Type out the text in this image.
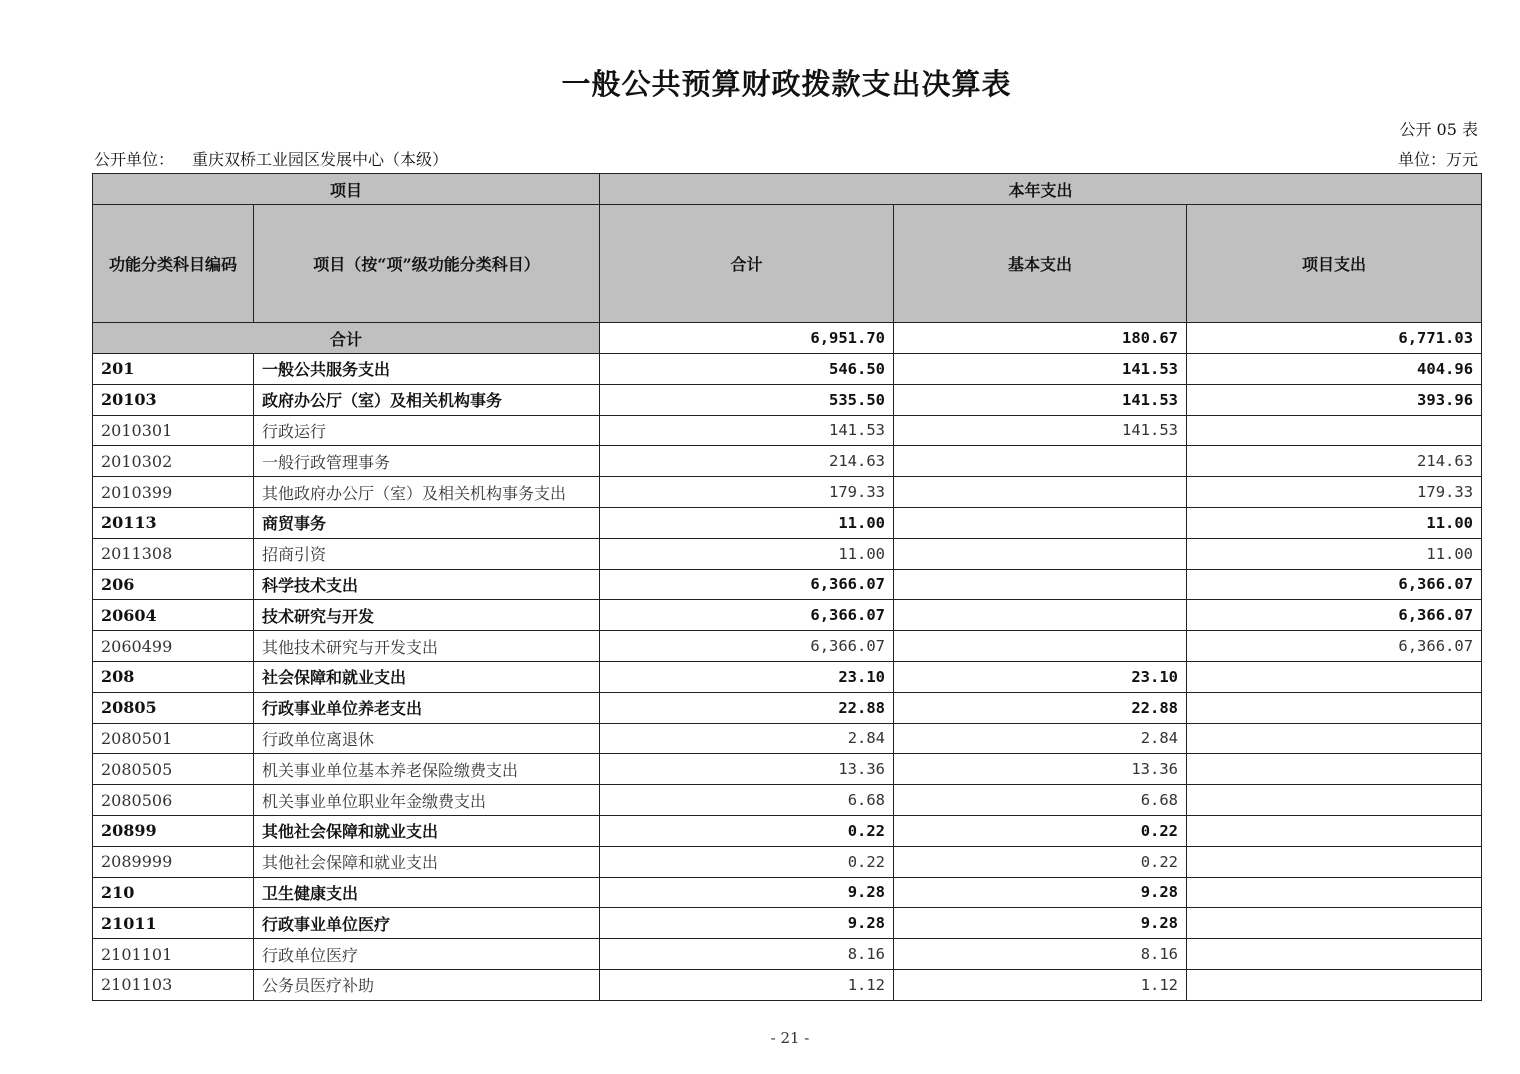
一般公共预算财政拨款支出决算表
公开 05 表
公开单位： 重庆双桥工业园区发展中心（本级）	单位：万元
项目		本年支出		
功能分类科目编码	项目（按“项”级功能分类科目）	合计	基本支出	项目支出
合计		6,951.70	180.67	6,771.03
201	一般公共服务支出	546.50	141.53	404.96
20103	政府办公厅（室）及相关机构事务	535.50	141.53	393.96
2010301	行政运行	141.53	141.53	
2010302	一般行政管理事务	214.63		214.63
2010399	其他政府办公厅（室）及相关机构事务支出	179.33		179.33
20113	商贸事务	11.00		11.00
2011308	招商引资	11.00		11.00
206	科学技术支出	6,366.07		6,366.07
20604	技术研究与开发	6,366.07		6,366.07
2060499	其他技术研究与开发支出	6,366.07		6,366.07
208	社会保障和就业支出	23.10	23.10	
20805	行政事业单位养老支出	22.88	22.88	
2080501	行政单位离退休	2.84	2.84	
2080505	机关事业单位基本养老保险缴费支出	13.36	13.36	
2080506	机关事业单位职业年金缴费支出	6.68	6.68	
20899	其他社会保障和就业支出	0.22	0.22	
2089999	其他社会保障和就业支出	0.22	0.22	
210	卫生健康支出	9.28	9.28	
21011	行政事业单位医疗	9.28	9.28	
2101101	行政单位医疗	8.16	8.16	
2101103	公务员医疗补助	1.12	1.12	
- 21 -
